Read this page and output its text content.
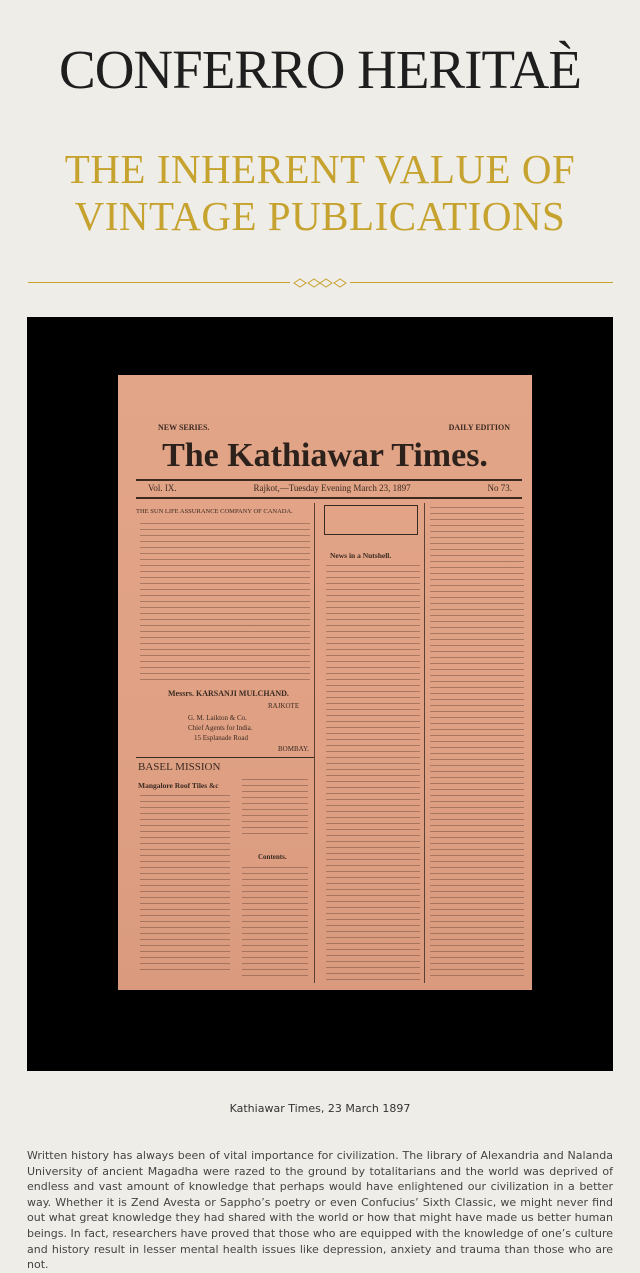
CONFERRO HERITAÈ
THE INHERENT VALUE OF
VINTAGE PUBLICATIONS
NEW SERIES.	DAILY EDITION
The Kathiawar Times.
Vol. IX.	Rajkot,—Tuesday Evening March 23, 1897	No 73.
THE SUN LIFE ASSURANCE COMPANY OF CANADA.
Messrs. KARSANJI MULCHAND.
RAJKOTE
G. M. Laikton & Co.
Chief Agents for India.
15 Esplanade Road
BOMBAY.
BASEL MISSION
Mangalore Roof Tiles &c
Contents.
News in a Nutshell.
Kathiawar Times, 23 March 1897
Written history has always been of vital importance for civilization. The library of Alexandria and Nalanda University of ancient Magadha were razed to the ground by totalitarians and the world was deprived of endless and vast amount of knowledge that perhaps would have enlightened our civilization in a better way. Whether it is Zend Avesta or Sappho’s poetry or even Confucius’ Sixth Classic, we might never find out what great knowledge they had shared with the world or how that might have made us better human beings. In fact, researchers have proved that those who are equipped with the knowledge of one’s culture and history result in lesser mental health issues like depression, anxiety and trauma than those who are not.
